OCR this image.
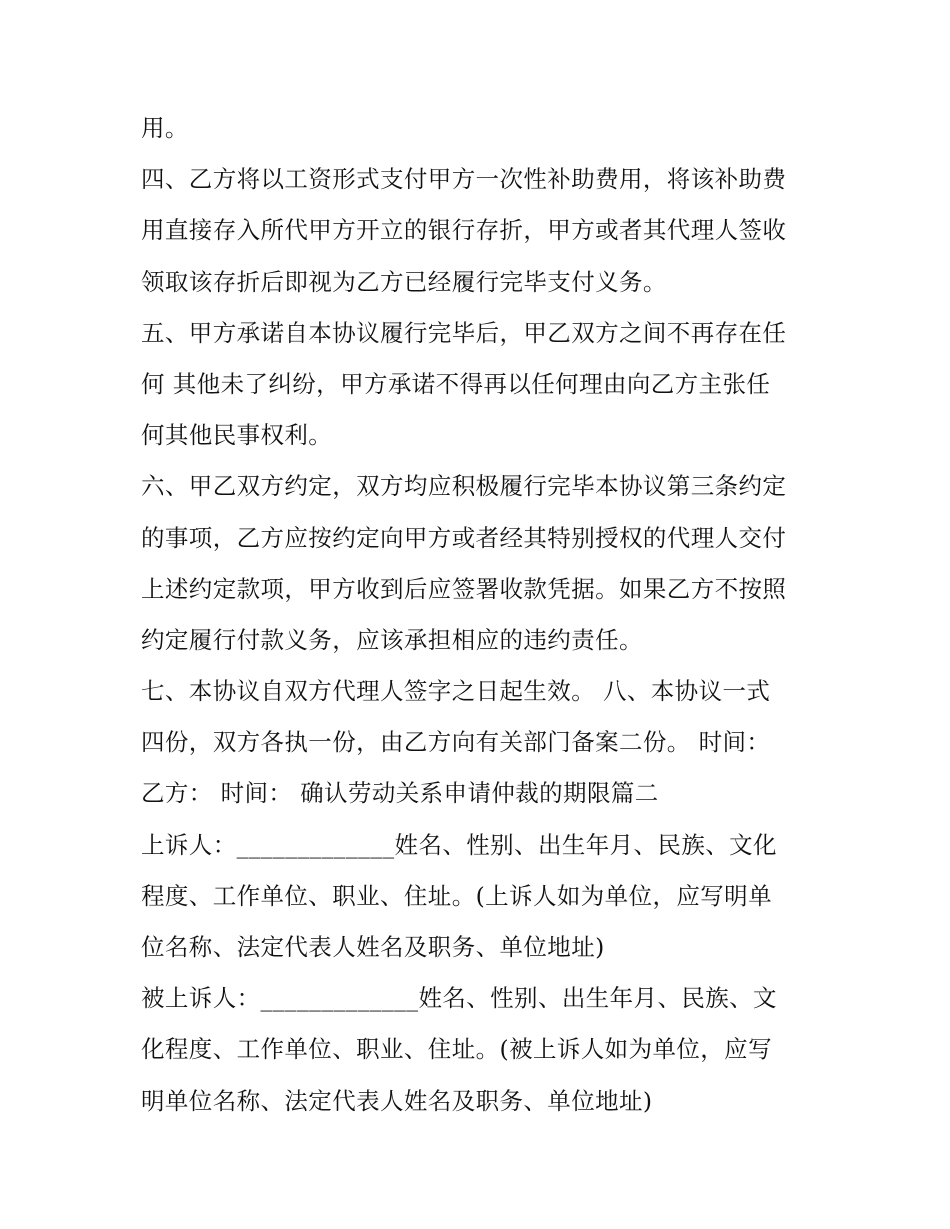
用。
四、乙方将以工资形式支付甲方一次性补助费用，将该补助费
用直接存入所代甲方开立的银行存折，甲方或者其代理人签收
领取该存折后即视为乙方已经履行完毕支付义务。
五、甲方承诺自本协议履行完毕后，甲乙双方之间不再存在任
何 其他未了纠纷，甲方承诺不得再以任何理由向乙方主张任
何其他民事权利。
六、甲乙双方约定，双方均应积极履行完毕本协议第三条约定
的事项，乙方应按约定向甲方或者经其特别授权的代理人交付
上述约定款项，甲方收到后应签署收款凭据。如果乙方不按照
约定履行付款义务，应该承担相应的违约责任。
七、本协议自双方代理人签字之日起生效。 八、本协议一式
四份，双方各执一份，由乙方向有关部门备案二份。 时间：
乙方： 时间： 确认劳动关系申请仲裁的期限篇二
上诉人：_____________姓名、性别、出生年月、民族、文化
程度、工作单位、职业、住址。(上诉人如为单位，应写明单
位名称、法定代表人姓名及职务、单位地址)
被上诉人：_____________姓名、性别、出生年月、民族、文
化程度、工作单位、职业、住址。(被上诉人如为单位，应写
明单位名称、法定代表人姓名及职务、单位地址)
